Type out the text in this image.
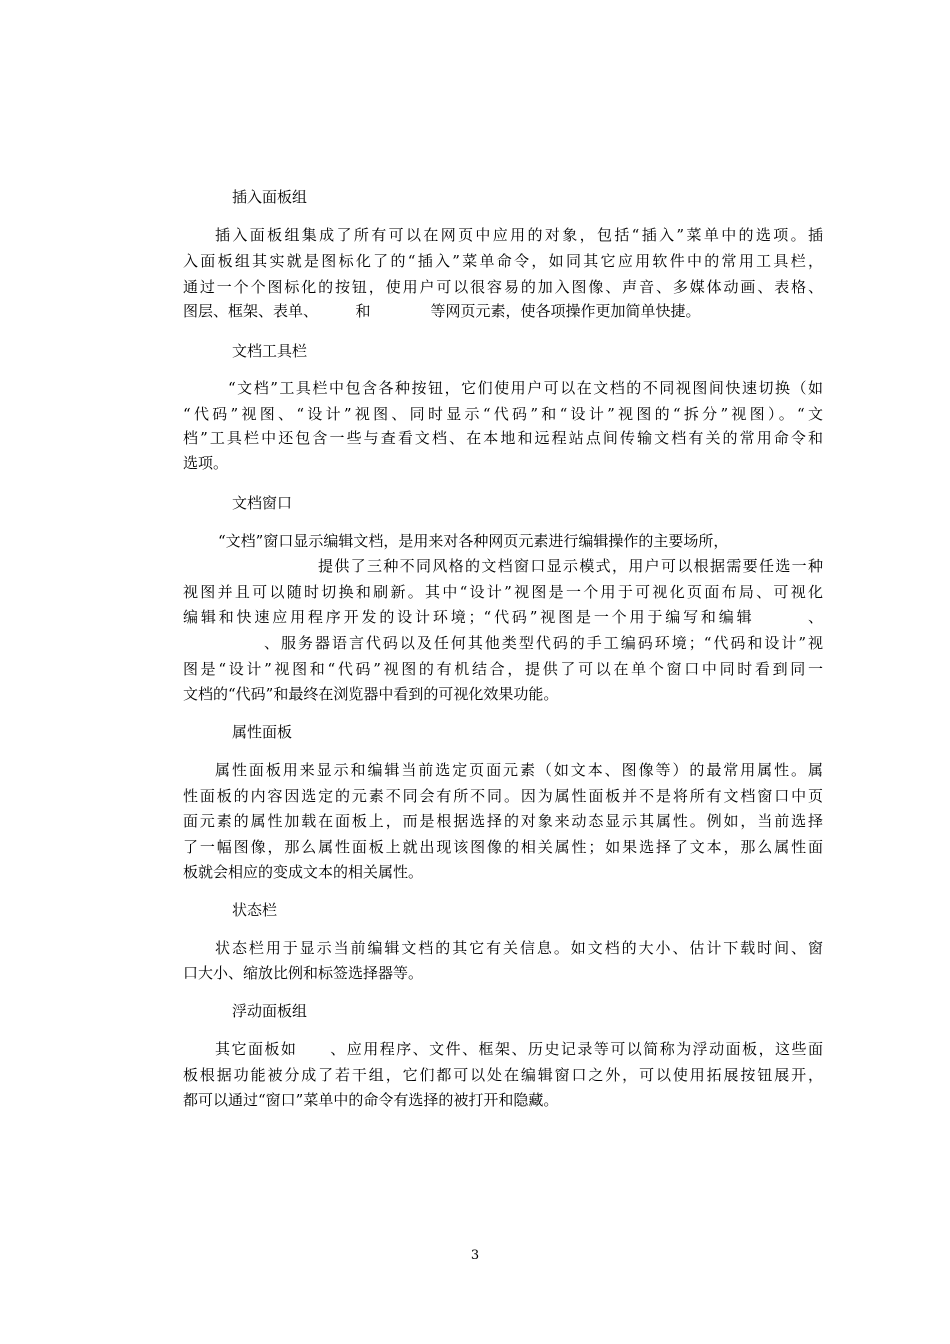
插入面板组
插入面板组集成了所有可以在网页中应用的对象，包括“插入”菜单中的选项。插
入面板组其实就是图标化了的“插入”菜单命令，如同其它应用软件中的常用工具栏，
通过一个个图标化的按钮，使用户可以很容易的加入图像、声音、多媒体动画、表格、
图层、框架、表单、　　　和　　　　等网页元素，使各项操作更加简单快捷。
文档工具栏
“文档”工具栏中包含各种按钮，它们使用户可以在文档的不同视图间快速切换（如
“代码”视图、“设计”视图、同时显示“代码”和“设计”视图的“拆分”视图）。“文
档”工具栏中还包含一些与查看文档、在本地和远程站点间传输文档有关的常用命令和
选项。
文档窗口
“文档”窗口显示编辑文档，是用来对各种网页元素进行编辑操作的主要场所，
提供了三种不同风格的文档窗口显示模式，用户可以根据需要任选一种
视图并且可以随时切换和刷新。其中“设计”视图是一个用于可视化页面布局、可视化
编辑和快速应用程序开发的设计环境；“代码”视图是一个用于编写和编辑　　　、
、服务器语言代码以及任何其他类型代码的手工编码环境；“代码和设计”视
图是“设计”视图和“代码”视图的有机结合，提供了可以在单个窗口中同时看到同一
文档的“代码”和最终在浏览器中看到的可视化效果功能。
属性面板
属性面板用来显示和编辑当前选定页面元素（如文本、图像等）的最常用属性。属
性面板的内容因选定的元素不同会有所不同。因为属性面板并不是将所有文档窗口中页
面元素的属性加载在面板上，而是根据选择的对象来动态显示其属性。例如，当前选择
了一幅图像，那么属性面板上就出现该图像的相关属性；如果选择了文本，那么属性面
板就会相应的变成文本的相关属性。
状态栏
状态栏用于显示当前编辑文档的其它有关信息。如文档的大小、估计下载时间、窗
口大小、缩放比例和标签选择器等。
浮动面板组
其它面板如　　、应用程序、文件、框架、历史记录等可以简称为浮动面板，这些面
板根据功能被分成了若干组，它们都可以处在编辑窗口之外，可以使用拓展按钮展开，
都可以通过“窗口”菜单中的命令有选择的被打开和隐藏。
3
